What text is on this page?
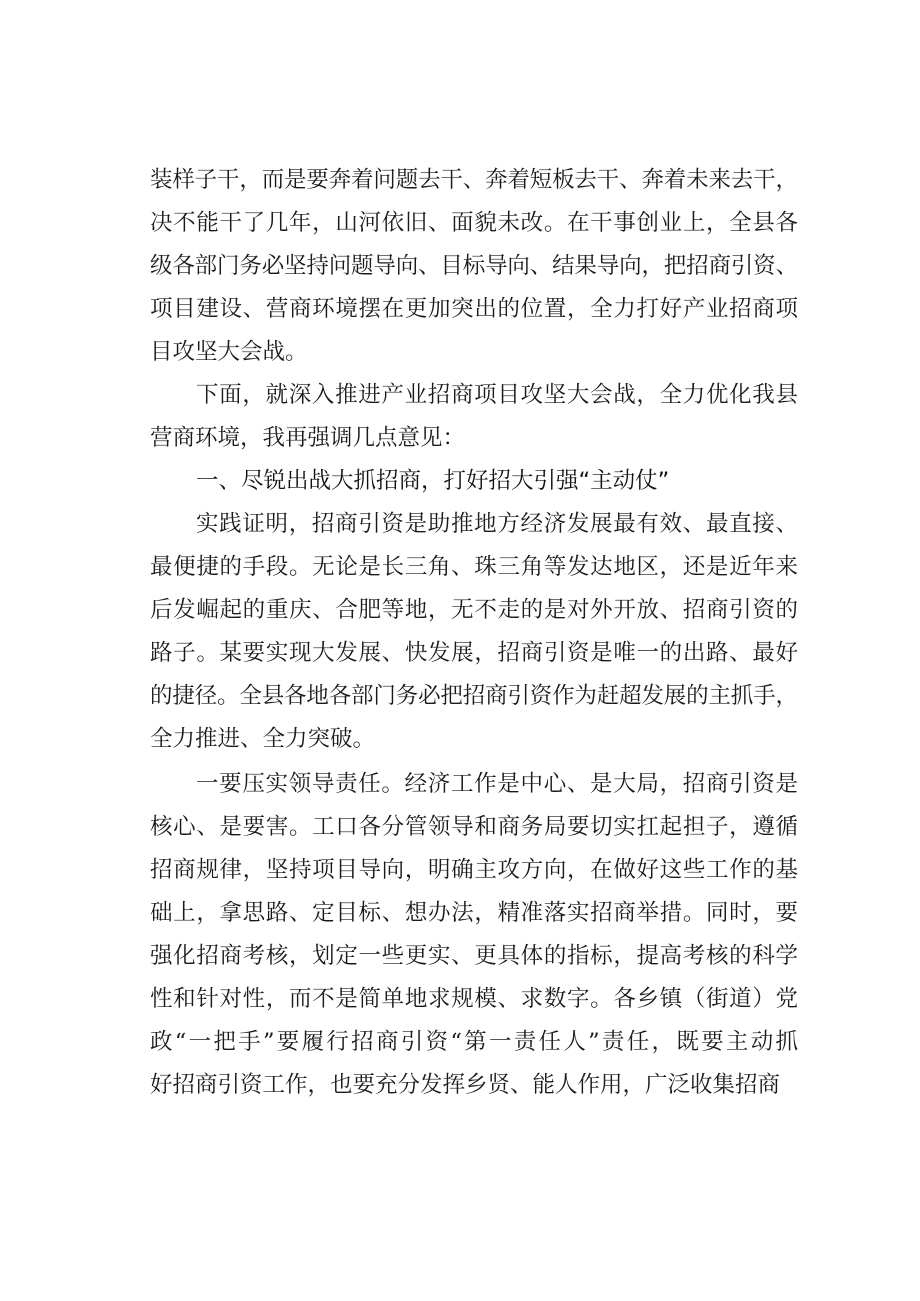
装样子干，而是要奔着问题去干、奔着短板去干、奔着未来去干，
决不能干了几年，山河依旧、面貌未改。在干事创业上，全县各
级各部门务必坚持问题导向、目标导向、结果导向，把招商引资、
项目建设、营商环境摆在更加突出的位置，全力打好产业招商项
目攻坚大会战。
下面，就深入推进产业招商项目攻坚大会战，全力优化我县
营商环境，我再强调几点意见：
一、尽锐出战大抓招商，打好招大引强“主动仗”
实践证明，招商引资是助推地方经济发展最有效、最直接、
最便捷的手段。无论是长三角、珠三角等发达地区，还是近年来
后发崛起的重庆、合肥等地，无不走的是对外开放、招商引资的
路子。某要实现大发展、快发展，招商引资是唯一的出路、最好
的捷径。全县各地各部门务必把招商引资作为赶超发展的主抓手，
全力推进、全力突破。
一要压实领导责任。经济工作是中心、是大局，招商引资是
核心、是要害。工口各分管领导和商务局要切实扛起担子，遵循
招商规律，坚持项目导向，明确主攻方向，在做好这些工作的基
础上，拿思路、定目标、想办法，精准落实招商举措。同时，要
强化招商考核，划定一些更实、更具体的指标，提高考核的科学
性和针对性，而不是简单地求规模、求数字。各乡镇（街道）党
政“一把手”要履行招商引资“第一责任人”责任，既要主动抓
好招商引资工作，也要充分发挥乡贤、能人作用，广泛收集招商
